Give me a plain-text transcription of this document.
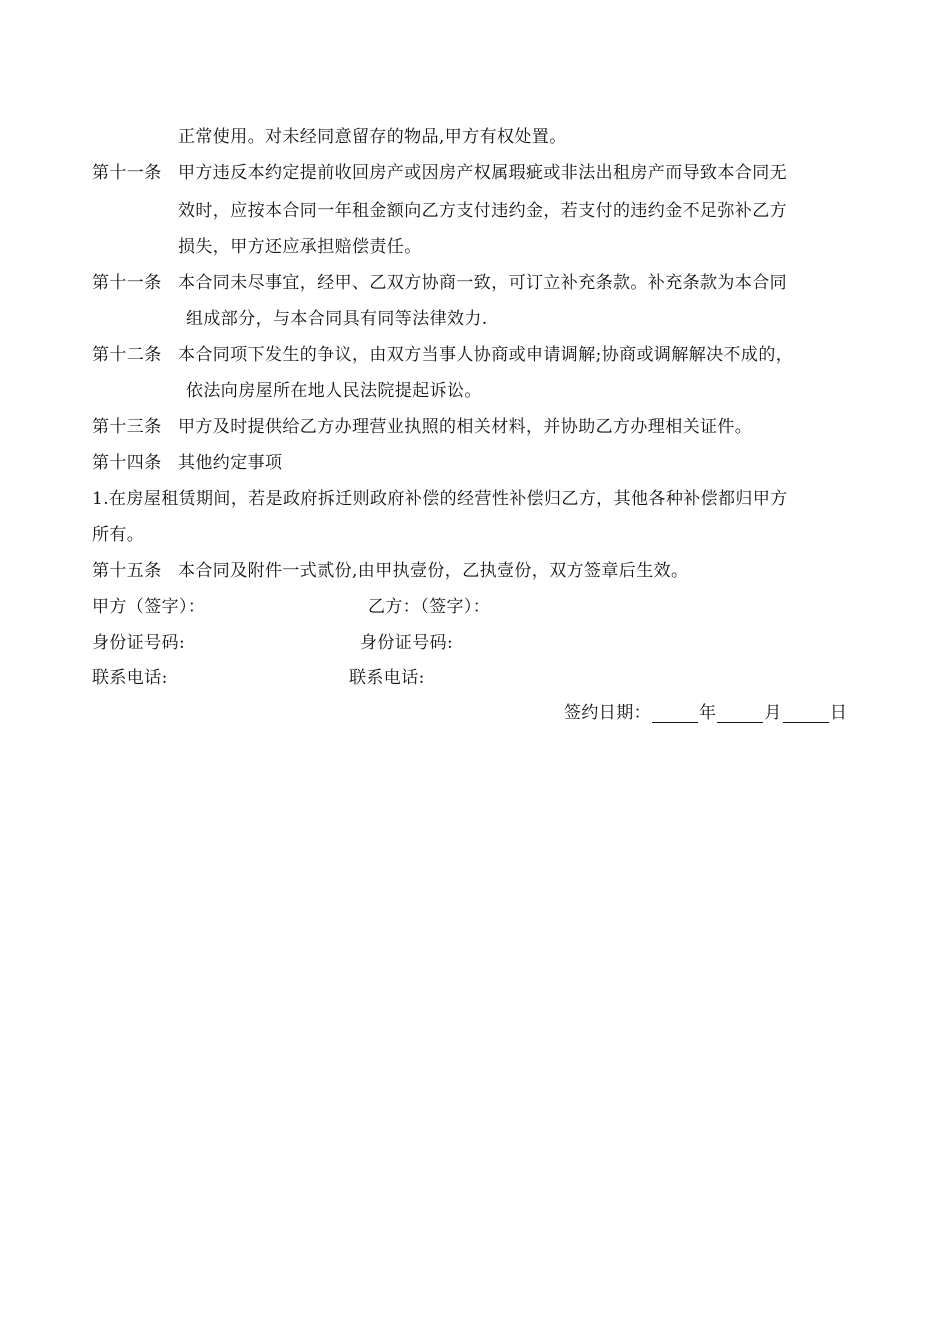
正常使用。对未经同意留存的物品,甲方有权处置。
第十一条 甲方违反本约定提前收回房产或因房产权属瑕疵或非法出租房产而导致本合同无
效时，应按本合同一年租金额向乙方支付违约金，若支付的违约金不足弥补乙方
损失，甲方还应承担赔偿责任。
第十一条 本合同未尽事宜，经甲、乙双方协商一致，可订立补充条款。补充条款为本合同
组成部分，与本合同具有同等法律效力.
第十二条 本合同项下发生的争议，由双方当事人协商或申请调解;协商或调解解决不成的，
依法向房屋所在地人民法院提起诉讼。
第十三条 甲方及时提供给乙方办理营业执照的相关材料，并协助乙方办理相关证件。
第十四条 其他约定事项
1.在房屋租赁期间，若是政府拆迁则政府补偿的经营性补偿归乙方，其他各种补偿都归甲方
所有。
第十五条 本合同及附件一式贰份,由甲执壹份，乙执壹份，双方签章后生效。
甲方（签字）：	乙方：（签字）：
身份证号码:	身份证号码:
联系电话:	联系电话:
签约日期：	年	月	日
